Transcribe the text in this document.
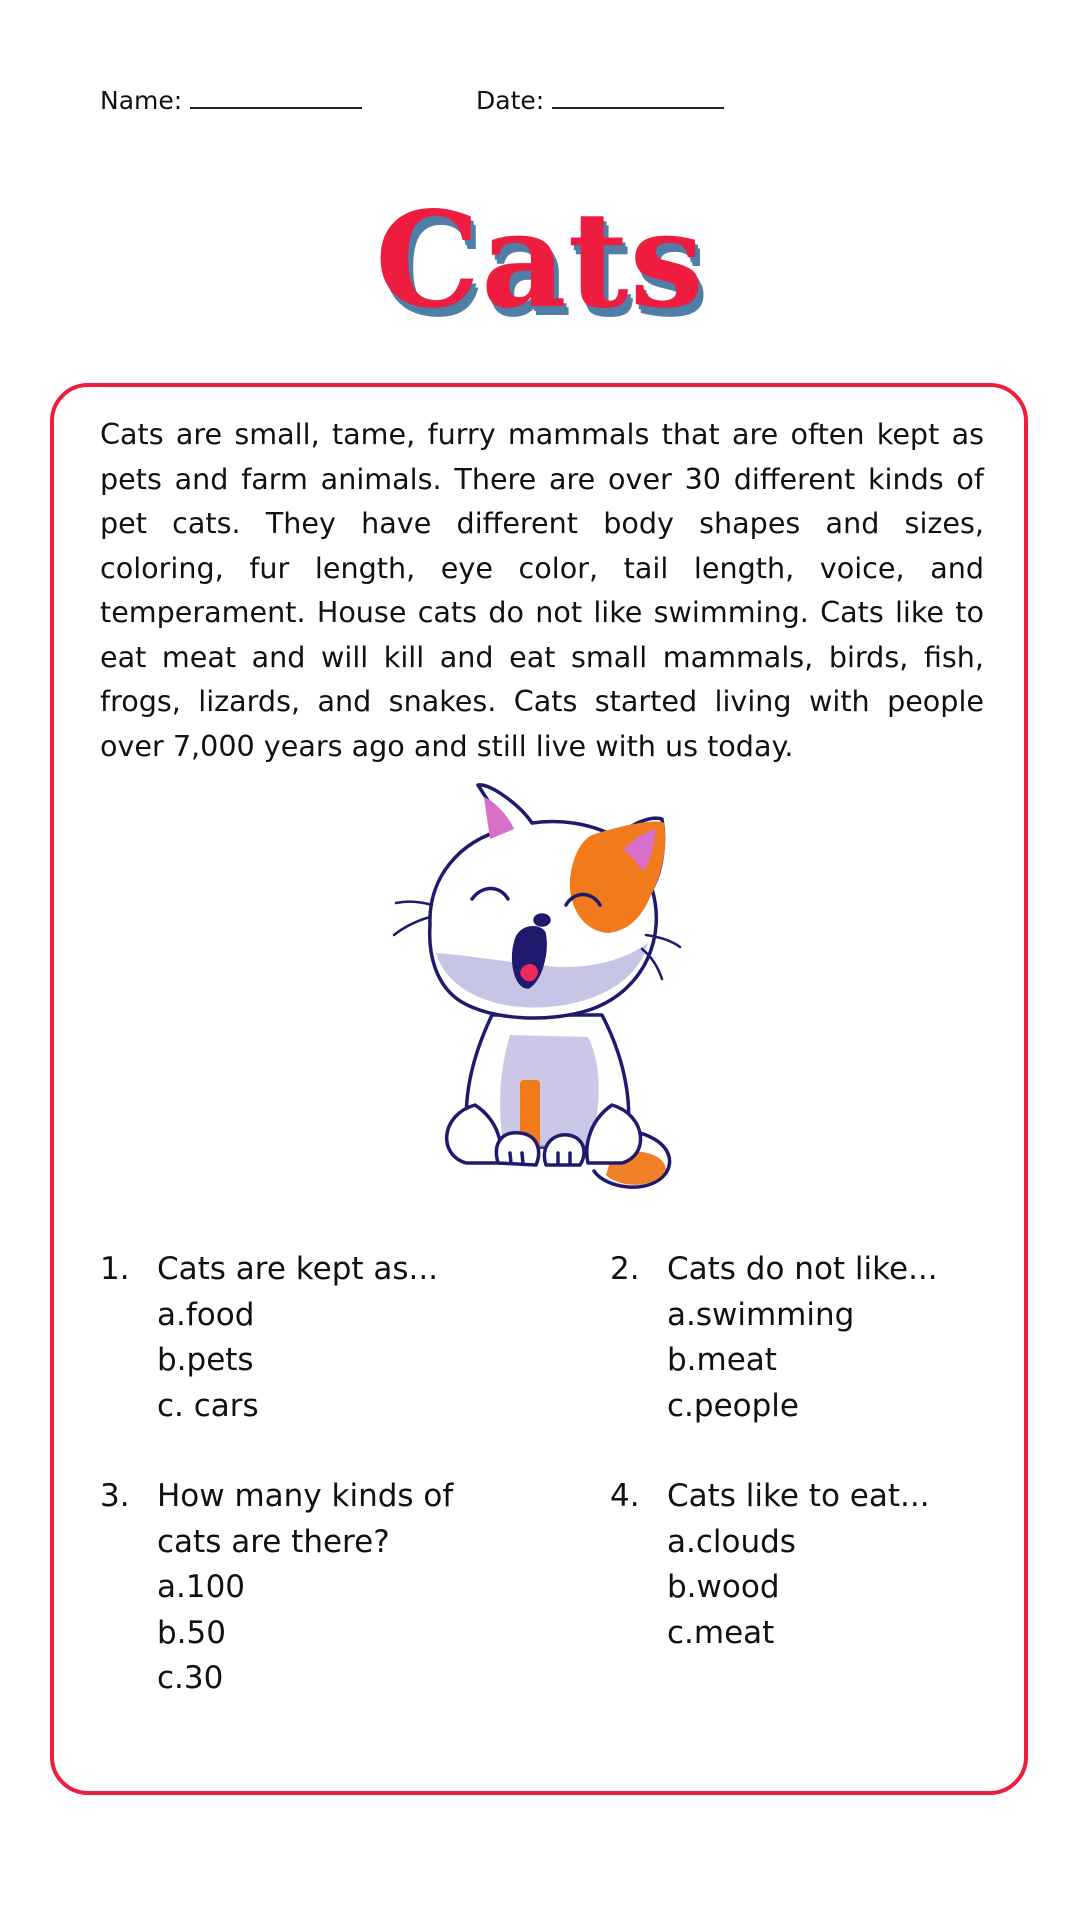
Name:	Date:
Cats
Cats are small, tame, furry mammals that are often kept as pets and farm animals. There are over 30 different kinds of pet cats. They have different body shapes and sizes, coloring, fur length, eye color, tail length, voice, and temperament. House cats do not like swimming. Cats like to eat meat and will kill and eat small mammals, birds, fish, frogs, lizards, and snakes. Cats started living with people over 7,000 years ago and still live with us today.
1. Cats are kept as...
a.food
b.pets
c. cars
2. Cats do not like...
a.swimming
b.meat
c.people
3. How many kinds of
cats are there?
a.100
b.50
c.30
4. Cats like to eat...
a.clouds
b.wood
c.meat
